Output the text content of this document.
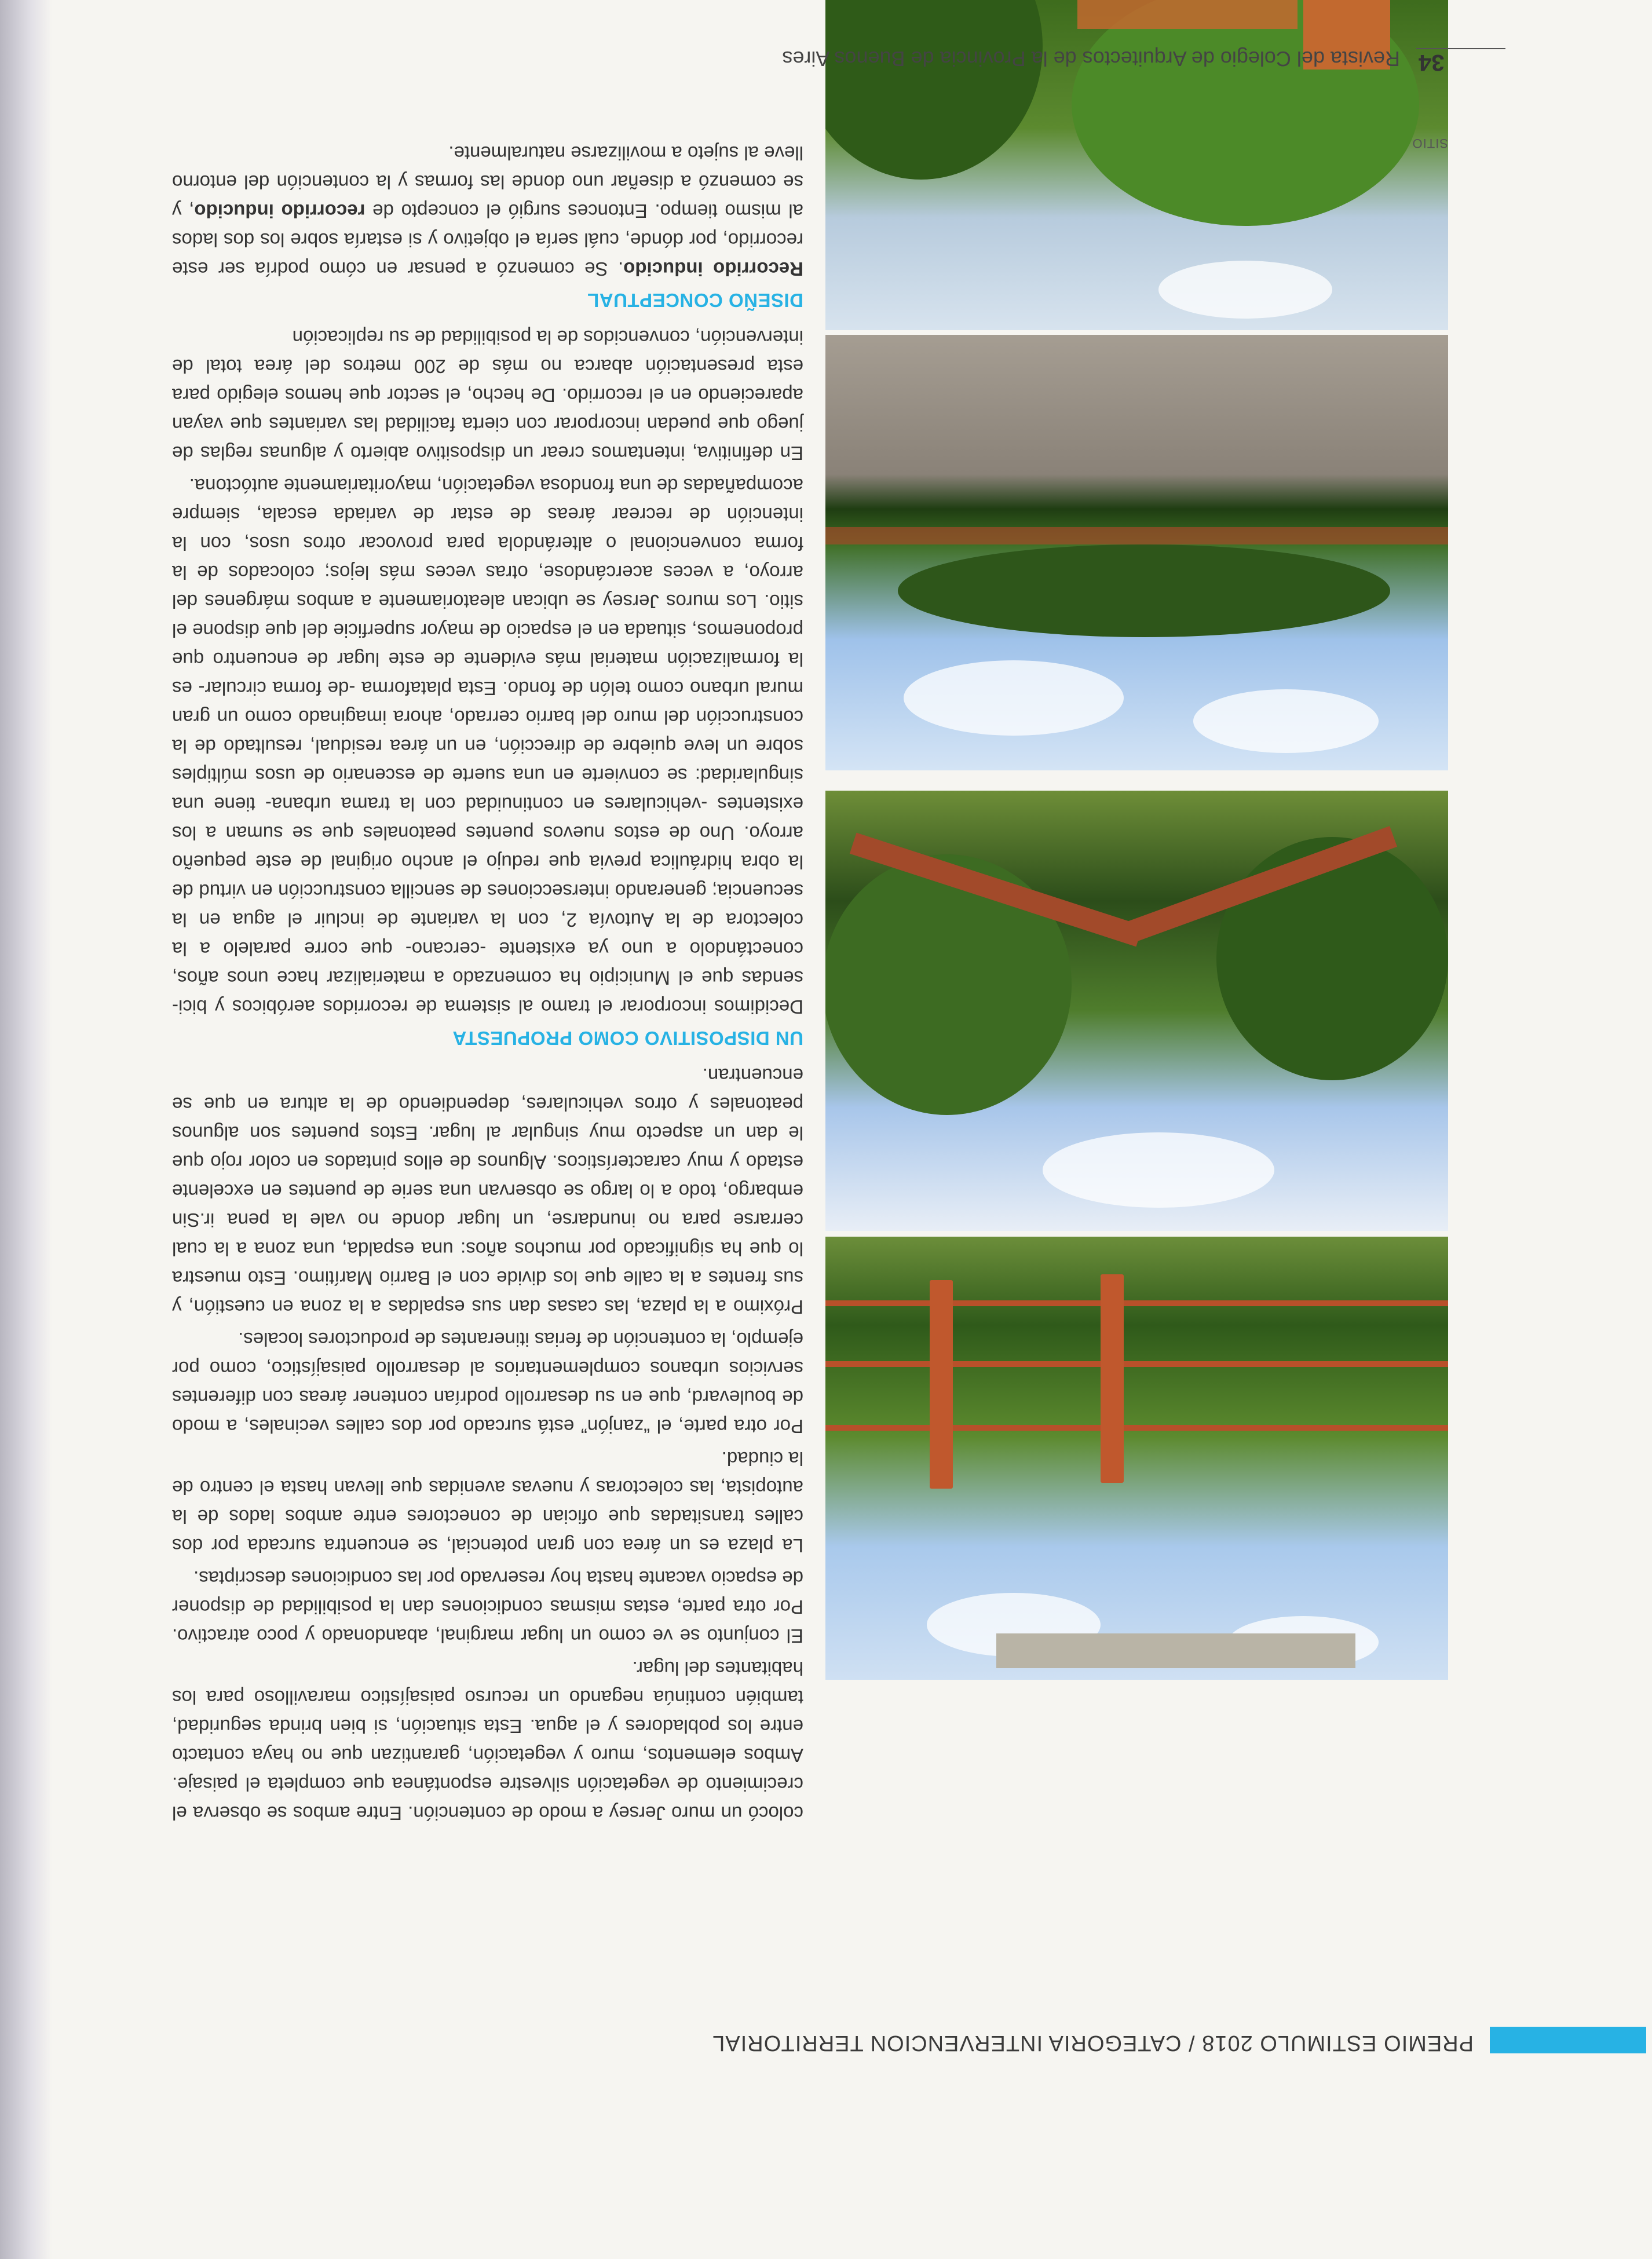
PREMIO ESTIMULO 2018 / CATEGORIA INTERVENCION TERRITORIAL
SITIO

colocó un muro Jersey a modo de contención. Entre ambos se observa el crecimiento de vegetación silvestre espontánea que completa el paisaje. Ambos elementos, muro y vegetación, garantizan que no haya contacto entre los pobladores y el agua. Esta situación, si bien brinda seguridad, también continúa negando un recurso paisajístico maravilloso para los habitantes del lugar.

El conjunto se ve como un lugar marginal, abandonado y poco atractivo. Por otra parte, estas mismas condiciones dan la posibilidad de disponer de espacio vacante hasta hoy reservado por las condiciones descriptas.

La plaza es un área con gran potencial, se encuentra surcada por dos calles transitadas que ofician de conectores entre ambos lados de la autopista, las colectoras y nuevas avenidas que llevan hasta el centro de la ciudad.

Por otra parte, el “zanjón” está surcado por dos calles vecinales, a modo de boulevard, que en su desarrollo podrían contener áreas con diferentes servicios urbanos complementarios al desarrollo paisajístico, como por ejemplo, la contención de ferias itinerantes de productores locales.

Próximo a la plaza, las casas dan sus espaldas a la zona en cuestión, y sus frentes a la calle que los divide con el Barrio Marítimo. Esto muestra lo que ha significado por muchos años: una espalda, una zona a la cual cerrarse para no inundarse, un lugar donde no vale la pena ir.Sin embargo, todo a lo largo se observan una serie de puentes en excelente estado y muy característicos. Algunos de ellos pintados en color rojo que le dan un aspecto muy singular al lugar. Estos puentes son algunos peatonales y otros vehiculares, dependiendo de la altura en que se encuentran.

UN DISPOSITIVO COMO PROPUESTA

Decidimos incorporar el tramo al sistema de recorridos aeróbicos y bici-sendas que el Municipio ha comenzado a materializar hace unos años, conectándolo a uno ya existente -cercano- que corre paralelo a la colectora de la Autovía 2, con la variante de incluir el agua en la secuencia; generando intersecciones de sencilla construcción en virtud de la obra hidráulica previa que redujo el ancho original de este pequeño arroyo. Uno de estos nuevos puentes peatonales que se suman a los existentes -vehiculares en continuidad con la trama urbana- tiene una singularidad: se convierte en una suerte de escenario de usos múltiples sobre un leve quiebre de dirección, en un área residual, resultado de la construcción del muro del barrio cerrado, ahora imaginado como un gran mural urbano como telón de fondo. Esta plataforma -de forma circular- es la formalización material más evidente de este lugar de encuentro que proponemos, situada en el espacio de mayor superficie del que dispone el sitio. Los muros Jersey se ubican aleatoriamente a ambos márgenes del arroyo, a veces acercándose, otras veces más lejos; colocados de la forma convencional o alterándola para provocar otros usos, con la intención de recrear áreas de estar de variada escala, siempre acompañadas de una frondosa vegetación, mayoritariamente autóctona.

En definitiva, intentamos crear un dispositivo abierto y algunas reglas de juego que puedan incorporar con cierta facilidad las variantes que vayan apareciendo en el recorrido. De hecho, el sector que hemos elegido para esta presentación abarca no más de 200 metros del área total de intervención, convencidos de la posibilidad de su replicación

DISEÑO CONCEPTUAL

Recorrido inducido. Se comenzó a pensar en cómo podría ser este recorrido, por dónde, cuál sería el objetivo y si estaría sobre los dos lados al mismo tiempo. Entonces surgió el concepto de recorrido inducido, y se comenzó a diseñar uno donde las formas y la contención del entorno lleve al sujeto a movilizarse naturalmente.

34
Revista del Colegio de Arquitectos de la Provincia de Buenos Aires
